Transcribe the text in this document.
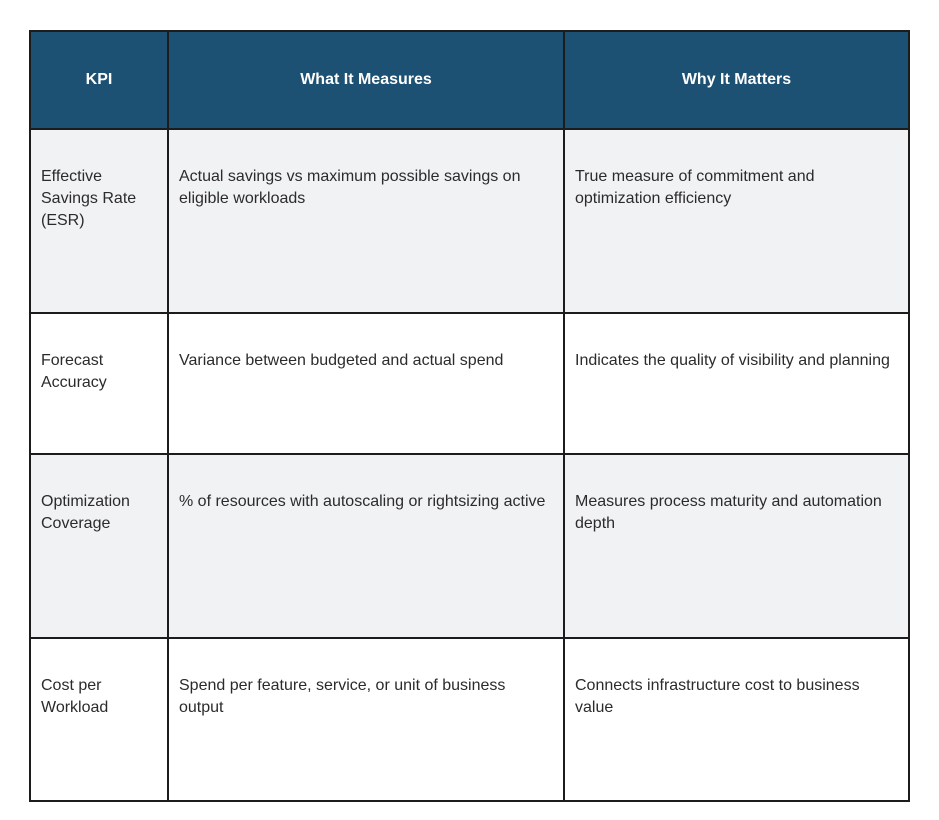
KPI	What It Measures	Why It Matters
Effective Savings Rate (ESR)	Actual savings vs maximum possible savings on eligible workloads	True measure of commitment and optimization efficiency
Forecast Accuracy	Variance between budgeted and actual spend	Indicates the quality of visibility and planning
Optimization Coverage	% of resources with autoscaling or rightsizing active	Measures process maturity and automation depth
Cost per Workload	Spend per feature, service, or unit of business output	Connects infrastructure cost to business value
